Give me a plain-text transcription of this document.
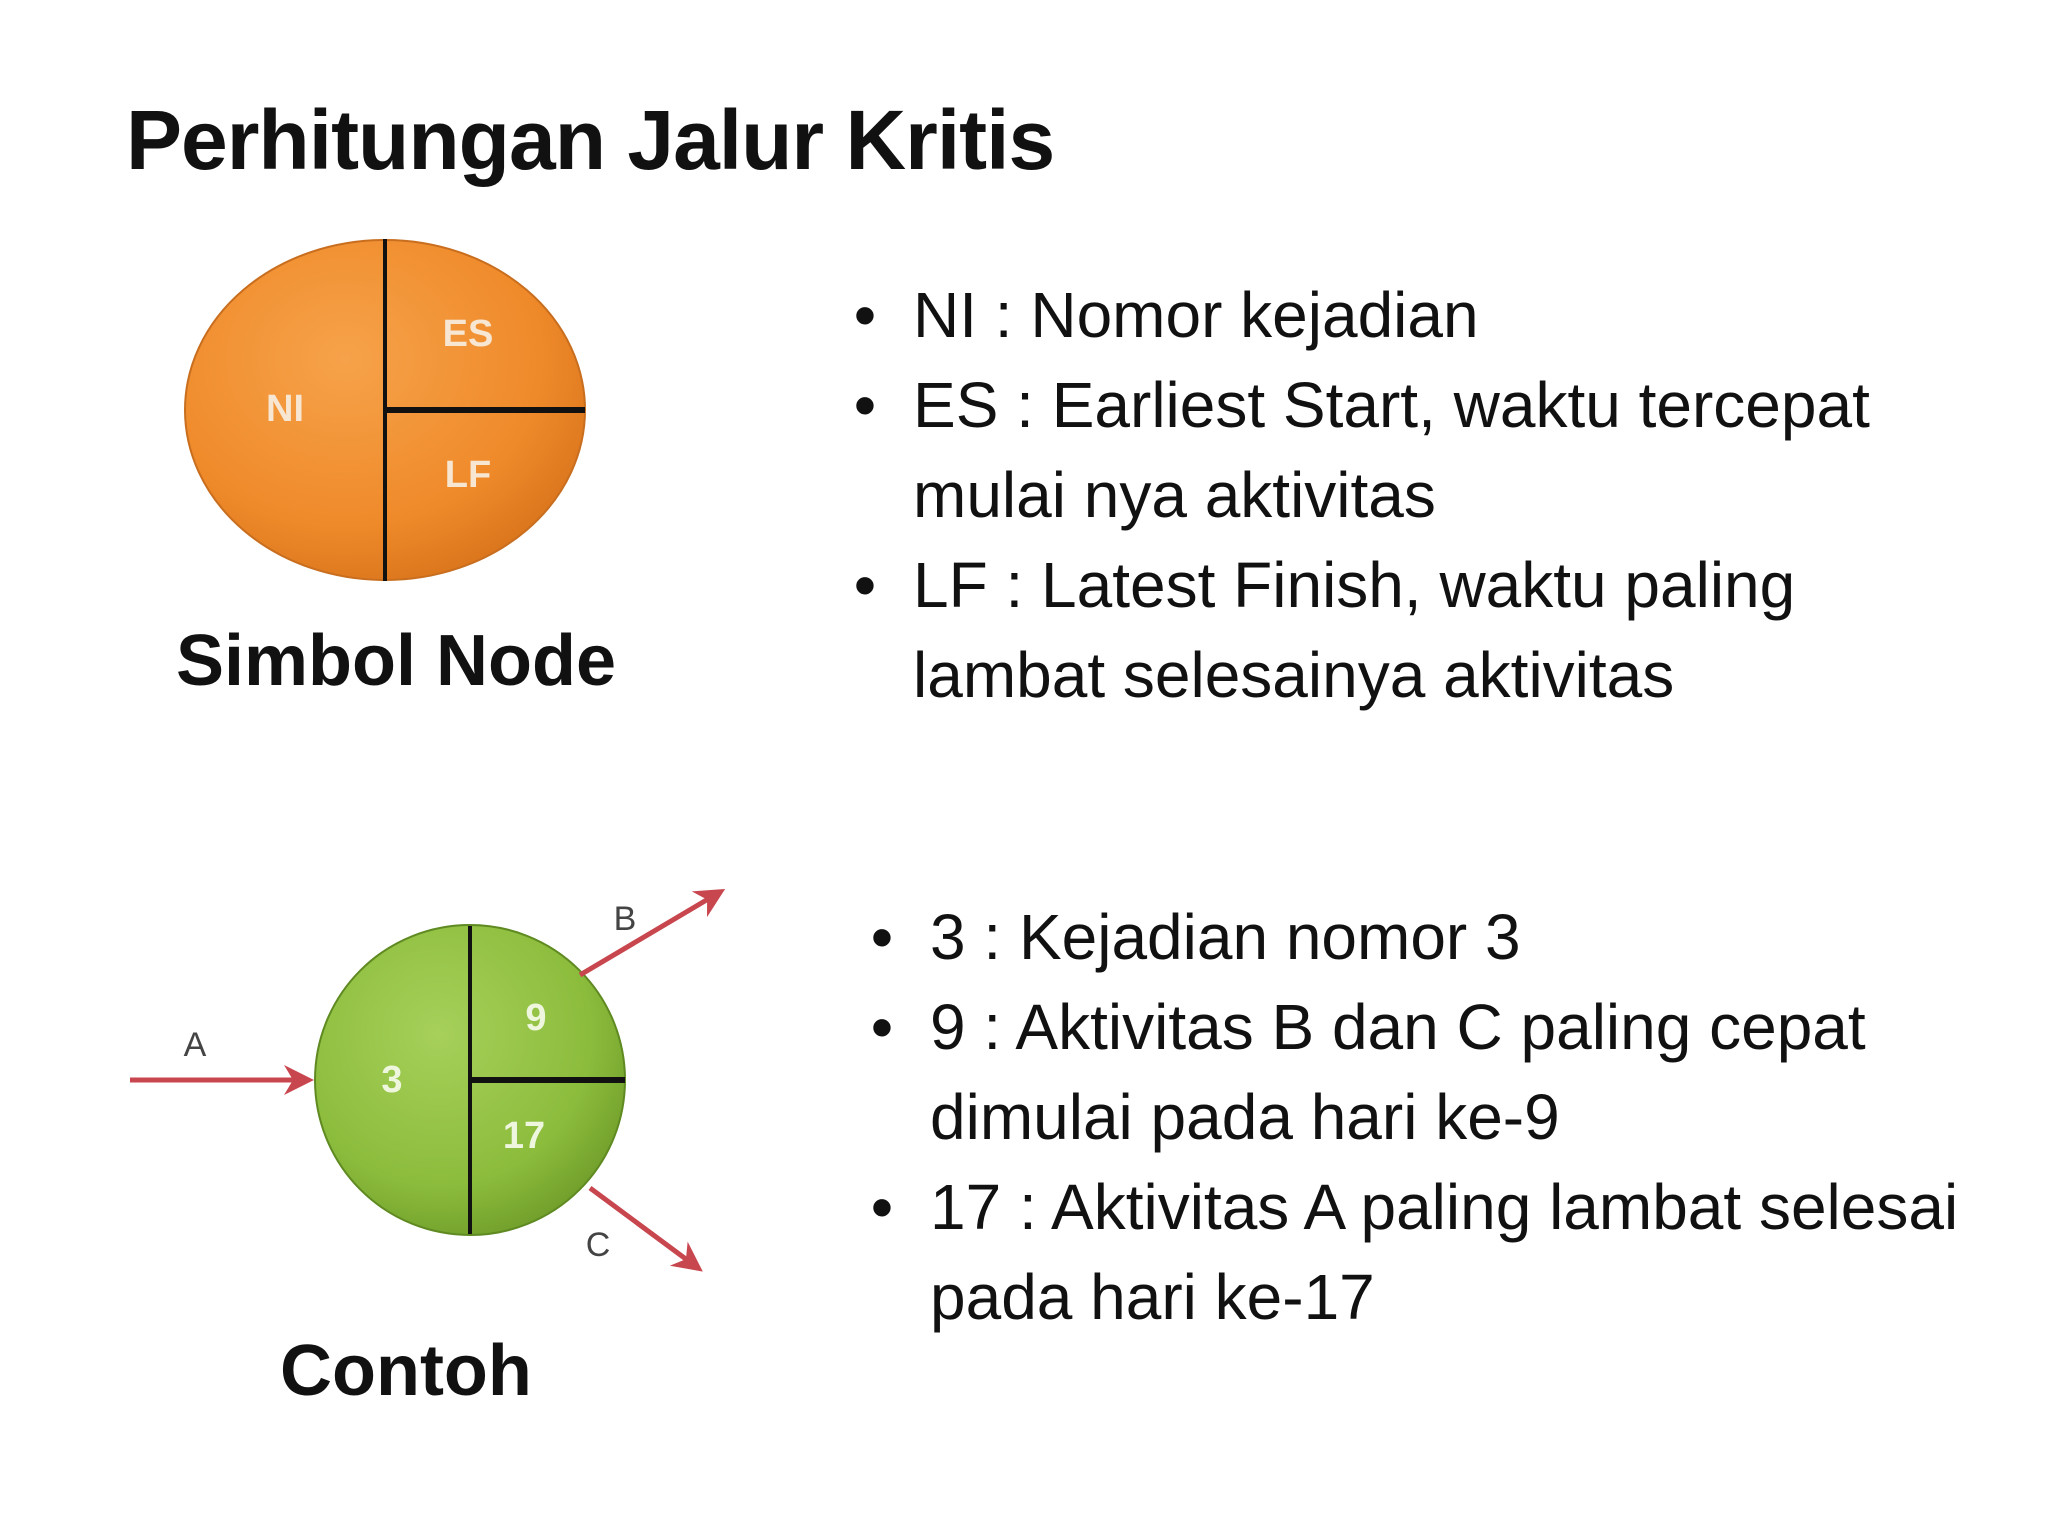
Perhitungan Jalur Kritis
NI
ES
LF
Simbol Node
• NI : Nomor kejadian
• ES : Earliest Start, waktu tercepat mulai nya aktivitas
• LF : Latest Finish, waktu paling lambat selesainya aktivitas
A
3
9
17
B
C
Contoh
• 3 : Kejadian nomor 3
• 9 : Aktivitas B dan C paling cepat dimulai pada hari ke-9
• 17 : Aktivitas A paling lambat selesai pada hari ke-17
